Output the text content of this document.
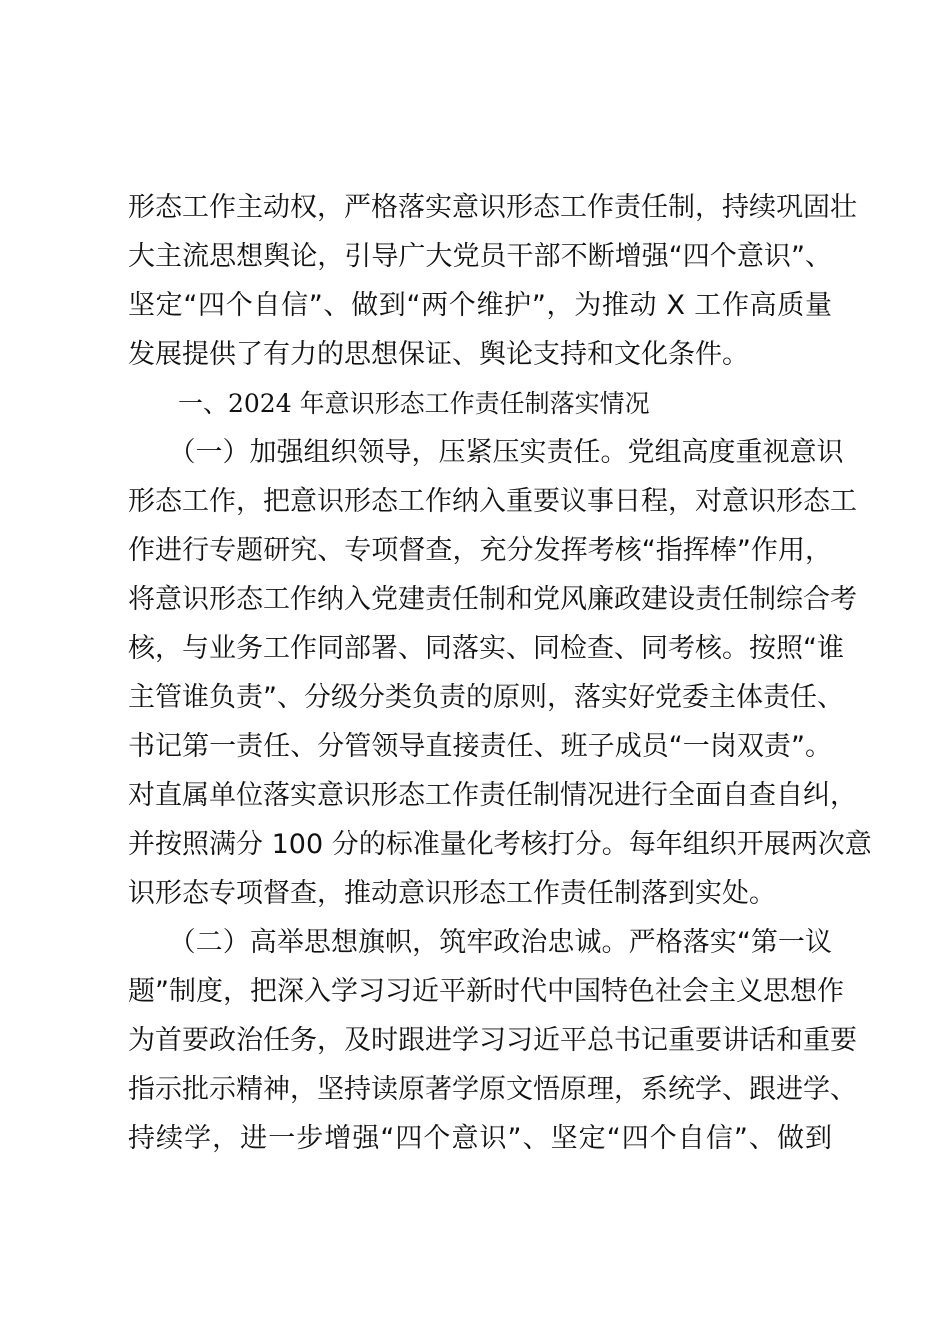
形态工作主动权，严格落实意识形态工作责任制，持续巩固壮
大主流思想舆论，引导广大党员干部不断增强“四个意识”、
坚定“四个自信”、做到“两个维护”，为推动 X 工作高质量
发展提供了有力的思想保证、舆论支持和文化条件。

　　一、2024 年意识形态工作责任制落实情况

　　（一）加强组织领导，压紧压实责任。党组高度重视意识
形态工作，把意识形态工作纳入重要议事日程，对意识形态工
作进行专题研究、专项督查，充分发挥考核“指挥棒”作用，
将意识形态工作纳入党建责任制和党风廉政建设责任制综合考
核，与业务工作同部署、同落实、同检查、同考核。按照“谁
主管谁负责”、分级分类负责的原则，落实好党委主体责任、
书记第一责任、分管领导直接责任、班子成员“一岗双责”。
对直属单位落实意识形态工作责任制情况进行全面自查自纠，
并按照满分 100 分的标准量化考核打分。每年组织开展两次意
识形态专项督查，推动意识形态工作责任制落到实处。

　　（二）高举思想旗帜，筑牢政治忠诚。严格落实“第一议
题”制度，把深入学习习近平新时代中国特色社会主义思想作
为首要政治任务，及时跟进学习习近平总书记重要讲话和重要
指示批示精神，坚持读原著学原文悟原理，系统学、跟进学、
持续学，进一步增强“四个意识”、坚定“四个自信”、做到
